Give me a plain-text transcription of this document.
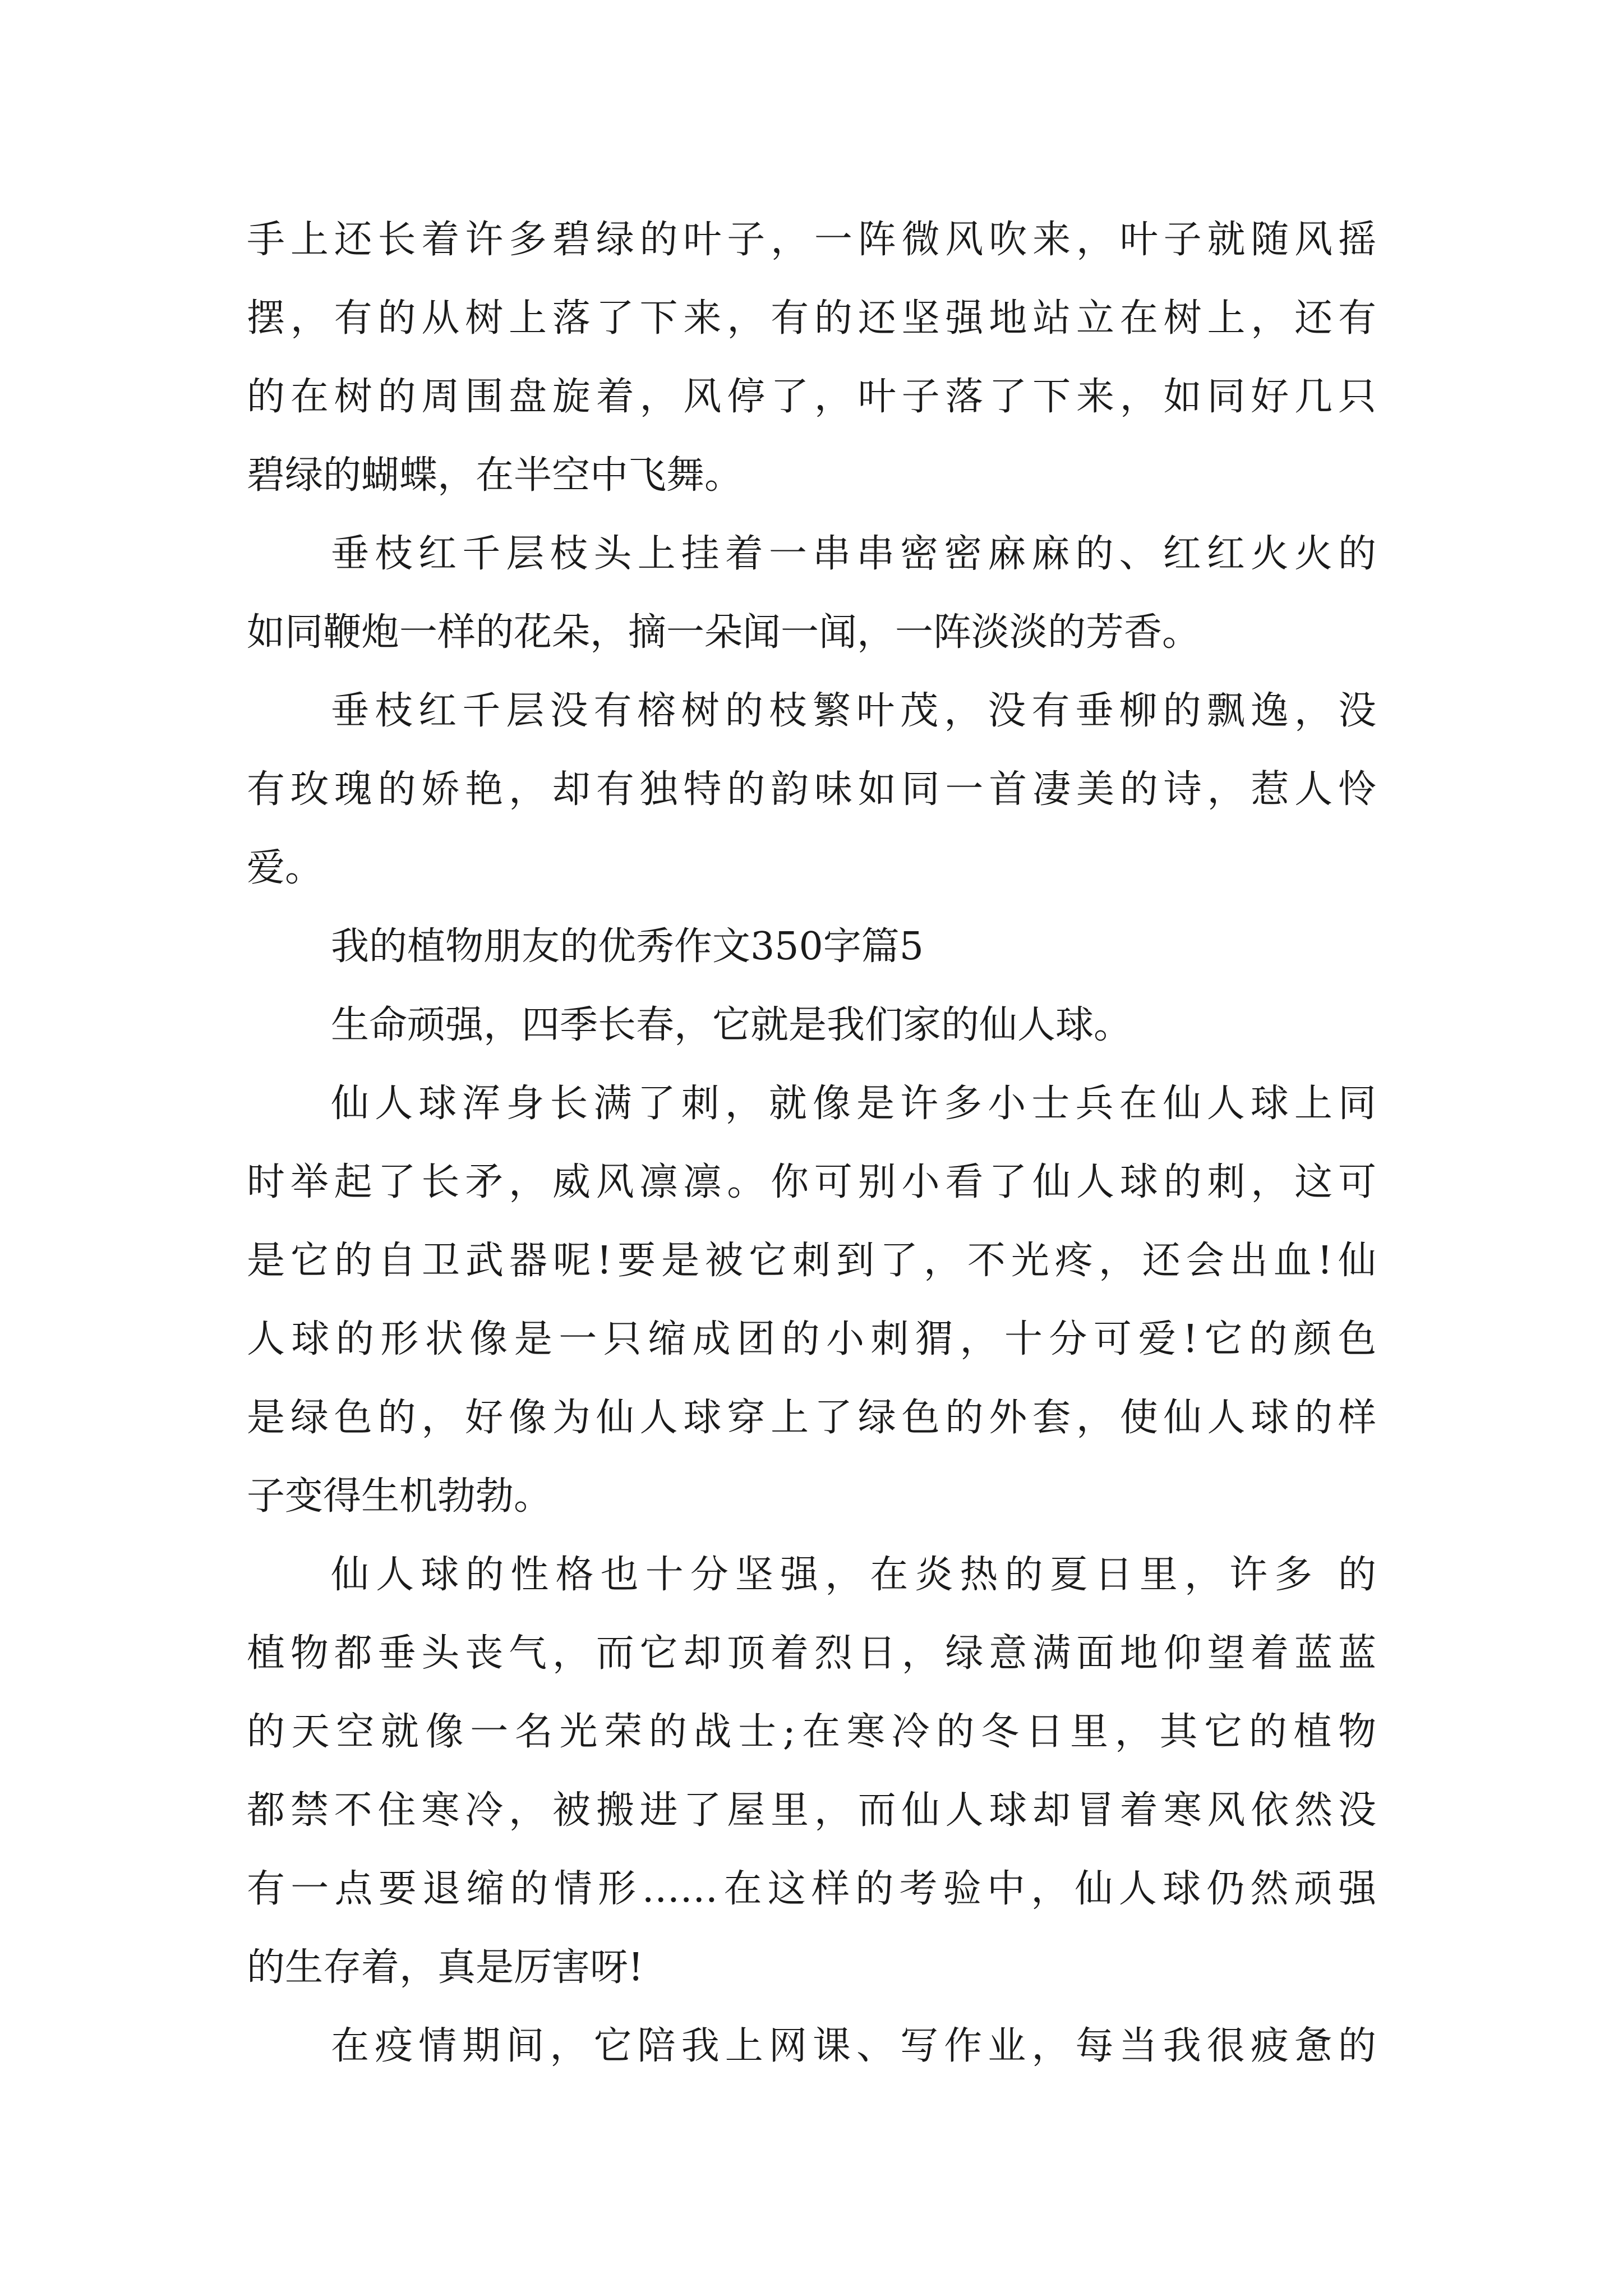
手上还长着许多碧绿的叶子，一阵微风吹来，叶子就随风摇
摆，有的从树上落了下来，有的还坚强地站立在树上，还有
的在树的周围盘旋着，风停了，叶子落了下来，如同好几只
碧绿的蝴蝶，在半空中飞舞。
垂枝红千层枝头上挂着一串串密密麻麻的、红红火火的
如同鞭炮一样的花朵，摘一朵闻一闻，一阵淡淡的芳香。
垂枝红千层没有榕树的枝繁叶茂，没有垂柳的飘逸，没
有玫瑰的娇艳，却有独特的韵味如同一首凄美的诗，惹人怜
爱。
我的植物朋友的优秀作文350字篇5
生命顽强，四季长春，它就是我们家的仙人球。
仙人球浑身长满了刺，就像是许多小士兵在仙人球上同
时举起了长矛，威风凛凛。你可别小看了仙人球的刺，这可
是它的自卫武器呢!要是被它刺到了，不光疼，还会出血!仙
人球的形状像是一只缩成团的小刺猬，十分可爱!它的颜色
是绿色的，好像为仙人球穿上了绿色的外套，使仙人球的样
子变得生机勃勃。
仙人球的性格也十分坚强，在炎热的夏日里，许多 的
植物都垂头丧气，而它却顶着烈日，绿意满面地仰望着蓝蓝
的天空就像一名光荣的战士;在寒冷的冬日里，其它的植物
都禁不住寒冷，被搬进了屋里，而仙人球却冒着寒风依然没
有一点要退缩的情形……在这样的考验中，仙人球仍然顽强
的生存着，真是厉害呀!
在疫情期间，它陪我上网课、写作业，每当我很疲惫的
